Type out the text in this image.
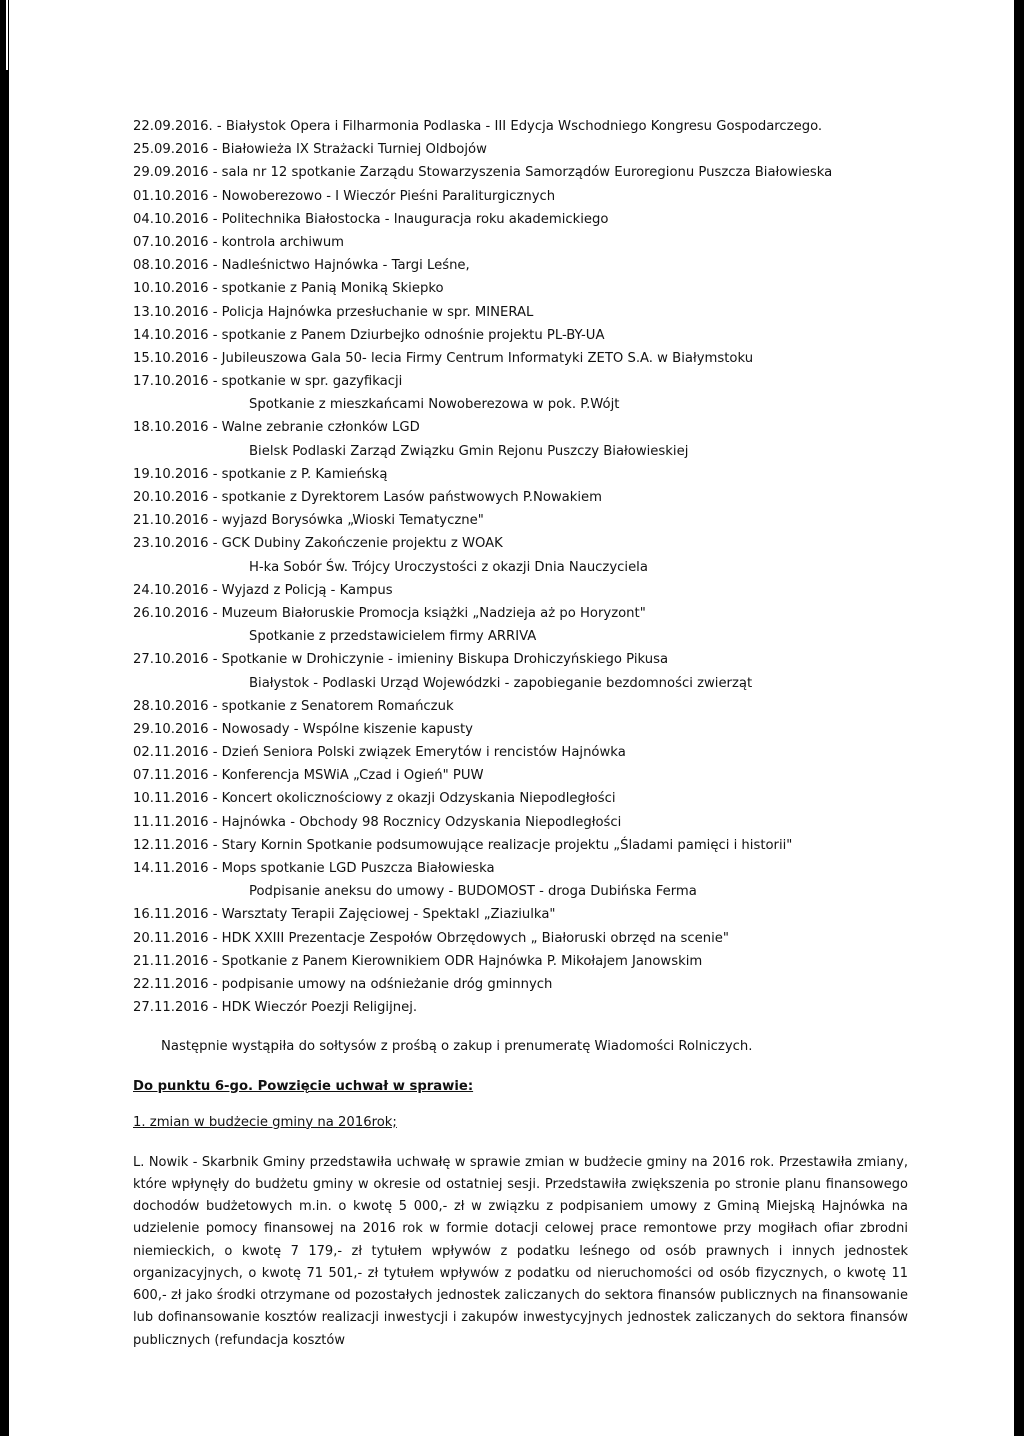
22.09.2016. - Białystok Opera i Filharmonia Podlaska - III Edycja Wschodniego Kongresu Gospodarczego.
25.09.2016 - Białowieża IX Strażacki Turniej Oldbojów
29.09.2016 - sala nr 12 spotkanie Zarządu Stowarzyszenia Samorządów Euroregionu Puszcza Białowieska
01.10.2016 - Nowoberezowo - I Wieczór Pieśni Paraliturgicznych
04.10.2016 - Politechnika Białostocka - Inauguracja roku akademickiego
07.10.2016 - kontrola archiwum
08.10.2016 - Nadleśnictwo Hajnówka - Targi Leśne,
10.10.2016 - spotkanie z Panią Moniką Skiepko
13.10.2016 - Policja Hajnówka przesłuchanie w spr. MINERAL
14.10.2016 - spotkanie z Panem Dziurbejko odnośnie projektu PL-BY-UA
15.10.2016 - Jubileuszowa Gala 50- lecia Firmy Centrum Informatyki ZETO S.A. w Białymstoku
17.10.2016 - spotkanie w spr. gazyfikacji
Spotkanie z mieszkańcami Nowoberezowa w pok. P.Wójt
18.10.2016 - Walne zebranie członków LGD
Bielsk Podlaski Zarząd Związku Gmin Rejonu Puszczy Białowieskiej
19.10.2016 - spotkanie z P. Kamieńską
20.10.2016 - spotkanie z Dyrektorem Lasów państwowych P.Nowakiem
21.10.2016 - wyjazd Borysówka „Wioski Tematyczne"
23.10.2016 - GCK Dubiny Zakończenie projektu z WOAK
H-ka Sobór Św. Trójcy Uroczystości z okazji Dnia Nauczyciela
24.10.2016 - Wyjazd z Policją - Kampus
26.10.2016 - Muzeum Białoruskie Promocja książki „Nadzieja aż po Horyzont"
Spotkanie z przedstawicielem firmy ARRIVA
27.10.2016 - Spotkanie w Drohiczynie - imieniny Biskupa Drohiczyńskiego Pikusa
Białystok - Podlaski Urząd Wojewódzki - zapobieganie bezdomności zwierząt
28.10.2016 - spotkanie z Senatorem Romańczuk
29.10.2016 - Nowosady - Wspólne kiszenie kapusty
02.11.2016 - Dzień Seniora Polski związek Emerytów i rencistów Hajnówka
07.11.2016 - Konferencja MSWiA „Czad i Ogień" PUW
10.11.2016 - Koncert okolicznościowy z okazji Odzyskania Niepodległości
11.11.2016 - Hajnówka - Obchody 98 Rocznicy Odzyskania Niepodległości
12.11.2016 - Stary Kornin Spotkanie podsumowujące realizacje projektu „Śladami pamięci i historii"
14.11.2016 - Mops spotkanie LGD Puszcza Białowieska
Podpisanie aneksu do umowy - BUDOMOST - droga Dubińska Ferma
16.11.2016 - Warsztaty Terapii Zajęciowej - Spektakl „Ziaziulka"
20.11.2016 - HDK XXIII Prezentacje Zespołów Obrzędowych „ Białoruski obrzęd na scenie"
21.11.2016 - Spotkanie z Panem Kierownikiem ODR Hajnówka P. Mikołajem Janowskim
22.11.2016 - podpisanie umowy na odśnieżanie dróg gminnych
27.11.2016 - HDK Wieczór Poezji Religijnej.
Następnie wystąpiła do sołtysów z prośbą o zakup i prenumeratę Wiadomości Rolniczych.
Do punktu 6-go. Powzięcie uchwał w sprawie:
1. zmian w budżecie gminy na 2016rok;
L. Nowik - Skarbnik Gminy przedstawiła uchwałę w sprawie zmian w budżecie gminy na 2016 rok. Przestawiła zmiany, które wpłynęły do budżetu gminy w okresie od ostatniej sesji. Przedstawiła zwiększenia po stronie planu finansowego dochodów budżetowych m.in. o kwotę 5 000,- zł w związku z podpisaniem umowy z Gminą Miejską Hajnówka na udzielenie pomocy finansowej na 2016 rok w formie dotacji celowej prace remontowe przy mogiłach ofiar zbrodni niemieckich, o kwotę 7 179,- zł tytułem wpływów z podatku leśnego od osób prawnych i innych jednostek organizacyjnych, o kwotę 71 501,- zł tytułem wpływów z podatku od nieruchomości od osób fizycznych, o kwotę 11 600,- zł jako środki otrzymane od pozostałych jednostek zaliczanych do sektora finansów publicznych na finansowanie lub dofinansowanie kosztów realizacji inwestycji i zakupów inwestycyjnych jednostek zaliczanych do sektora finansów publicznych (refundacja kosztów
